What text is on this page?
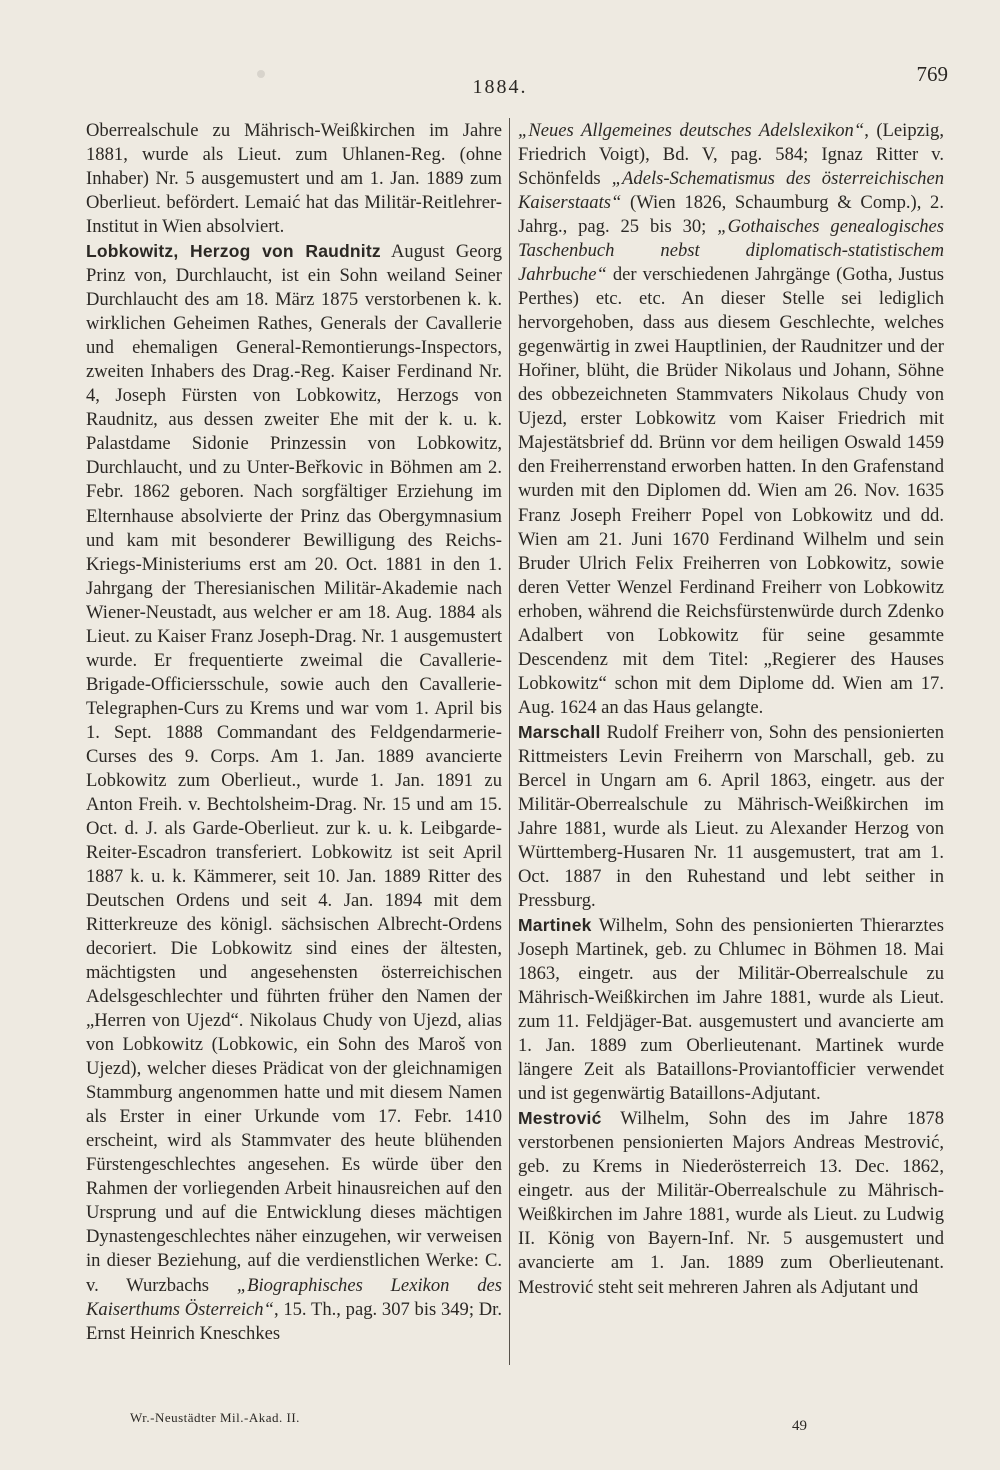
1884.
769

Oberrealschule zu Mährisch-Weißkirchen im Jahre 1881, wurde als Lieut. zum Uhlanen-Reg. (ohne Inhaber) Nr. 5 ausgemustert und am 1. Jan. 1889 zum Oberlieut. befördert. Lemaić hat das Militär-Reitlehrer-Institut in Wien absolviert.

Lobkowitz, Herzog von Raudnitz August Georg Prinz von, Durchlaucht, ist ein Sohn weiland Seiner Durchlaucht des am 18. März 1875 verstorbenen k. k. wirklichen Geheimen Rathes, Generals der Cavallerie und ehemaligen General-Remontierungs-Inspectors, zweiten Inhabers des Drag.-Reg. Kaiser Ferdinand Nr. 4, Joseph Fürsten von Lobkowitz, Herzogs von Raudnitz, aus dessen zweiter Ehe mit der k. u. k. Palastdame Sidonie Prinzessin von Lobkowitz, Durchlaucht, und zu Unter-Beřkovic in Böhmen am 2. Febr. 1862 geboren. Nach sorgfältiger Erziehung im Elternhause absolvierte der Prinz das Obergymnasium und kam mit besonderer Bewilligung des Reichs-Kriegs-Ministeriums erst am 20. Oct. 1881 in den 1. Jahrgang der Theresianischen Militär-Akademie nach Wiener-Neustadt, aus welcher er am 18. Aug. 1884 als Lieut. zu Kaiser Franz Joseph-Drag. Nr. 1 ausgemustert wurde. Er frequentierte zweimal die Cavallerie-Brigade-Officiersschule, sowie auch den Cavallerie-Telegraphen-Curs zu Krems und war vom 1. April bis 1. Sept. 1888 Commandant des Feldgendarmerie-Curses des 9. Corps. Am 1. Jan. 1889 avancierte Lobkowitz zum Oberlieut., wurde 1. Jan. 1891 zu Anton Freih. v. Bechtolsheim-Drag. Nr. 15 und am 15. Oct. d. J. als Garde-Oberlieut. zur k. u. k. Leibgarde-Reiter-Escadron transferiert. Lobkowitz ist seit April 1887 k. u. k. Kämmerer, seit 10. Jan. 1889 Ritter des Deutschen Ordens und seit 4. Jan. 1894 mit dem Ritterkreuze des königl. sächsischen Albrecht-Ordens decoriert. Die Lobkowitz sind eines der ältesten, mächtigsten und angesehensten österreichischen Adelsgeschlechter und führten früher den Namen der „Herren von Ujezd“. Nikolaus Chudy von Ujezd, alias von Lobkowitz (Lobkowic, ein Sohn des Maroš von Ujezd), welcher dieses Prädicat von der gleichnamigen Stammburg angenommen hatte und mit diesem Namen als Erster in einer Urkunde vom 17. Febr. 1410 erscheint, wird als Stammvater des heute blühenden Fürstengeschlechtes angesehen. Es würde über den Rahmen der vorliegenden Arbeit hinausreichen auf den Ursprung und auf die Entwicklung dieses mächtigen Dynastengeschlechtes näher einzugehen, wir verweisen in dieser Beziehung, auf die verdienstlichen Werke: C. v. Wurzbachs „Biographisches Lexikon des Kaiserthums Österreich“, 15. Th., pag. 307 bis 349; Dr. Ernst Heinrich Kneschkes

„Neues Allgemeines deutsches Adelslexikon“, (Leipzig, Friedrich Voigt), Bd. V, pag. 584; Ignaz Ritter v. Schönfelds „Adels-Schematismus des österreichischen Kaiserstaats“ (Wien 1826, Schaumburg & Comp.), 2. Jahrg., pag. 25 bis 30; „Gothaisches genealogisches Taschenbuch nebst diplomatisch-statistischem Jahrbuche“ der verschiedenen Jahrgänge (Gotha, Justus Perthes) etc. etc. An dieser Stelle sei lediglich hervorgehoben, dass aus diesem Geschlechte, welches gegenwärtig in zwei Hauptlinien, der Raudnitzer und der Hořiner, blüht, die Brüder Nikolaus und Johann, Söhne des obbezeichneten Stammvaters Nikolaus Chudy von Ujezd, erster Lobkowitz vom Kaiser Friedrich mit Majestätsbrief dd. Brünn vor dem heiligen Oswald 1459 den Freiherrenstand erworben hatten. In den Grafenstand wurden mit den Diplomen dd. Wien am 26. Nov. 1635 Franz Joseph Freiherr Popel von Lobkowitz und dd. Wien am 21. Juni 1670 Ferdinand Wilhelm und sein Bruder Ulrich Felix Freiherren von Lobkowitz, sowie deren Vetter Wenzel Ferdinand Freiherr von Lobkowitz erhoben, während die Reichsfürstenwürde durch Zdenko Adalbert von Lobkowitz für seine gesammte Descendenz mit dem Titel: „Regierer des Hauses Lobkowitz“ schon mit dem Diplome dd. Wien am 17. Aug. 1624 an das Haus gelangte.

Marschall Rudolf Freiherr von, Sohn des pensionierten Rittmeisters Levin Freiherrn von Marschall, geb. zu Bercel in Ungarn am 6. April 1863, eingetr. aus der Militär-Oberrealschule zu Mährisch-Weißkirchen im Jahre 1881, wurde als Lieut. zu Alexander Herzog von Württemberg-Husaren Nr. 11 ausgemustert, trat am 1. Oct. 1887 in den Ruhestand und lebt seither in Pressburg.

Martinek Wilhelm, Sohn des pensionierten Thierarztes Joseph Martinek, geb. zu Chlumec in Böhmen 18. Mai 1863, eingetr. aus der Militär-Oberrealschule zu Mährisch-Weißkirchen im Jahre 1881, wurde als Lieut. zum 11. Feldjäger-Bat. ausgemustert und avancierte am 1. Jan. 1889 zum Oberlieutenant. Martinek wurde längere Zeit als Bataillons-Proviantofficier verwendet und ist gegenwärtig Bataillons-Adjutant.

Mestrović Wilhelm, Sohn des im Jahre 1878 verstorbenen pensionierten Majors Andreas Mestrović, geb. zu Krems in Niederösterreich 13. Dec. 1862, eingetr. aus der Militär-Oberrealschule zu Mährisch-Weißkirchen im Jahre 1881, wurde als Lieut. zu Ludwig II. König von Bayern-Inf. Nr. 5 ausgemustert und avancierte am 1. Jan. 1889 zum Oberlieutenant. Mestrović steht seit mehreren Jahren als Adjutant und

Wr.-Neustädter Mil.-Akad. II.
49
